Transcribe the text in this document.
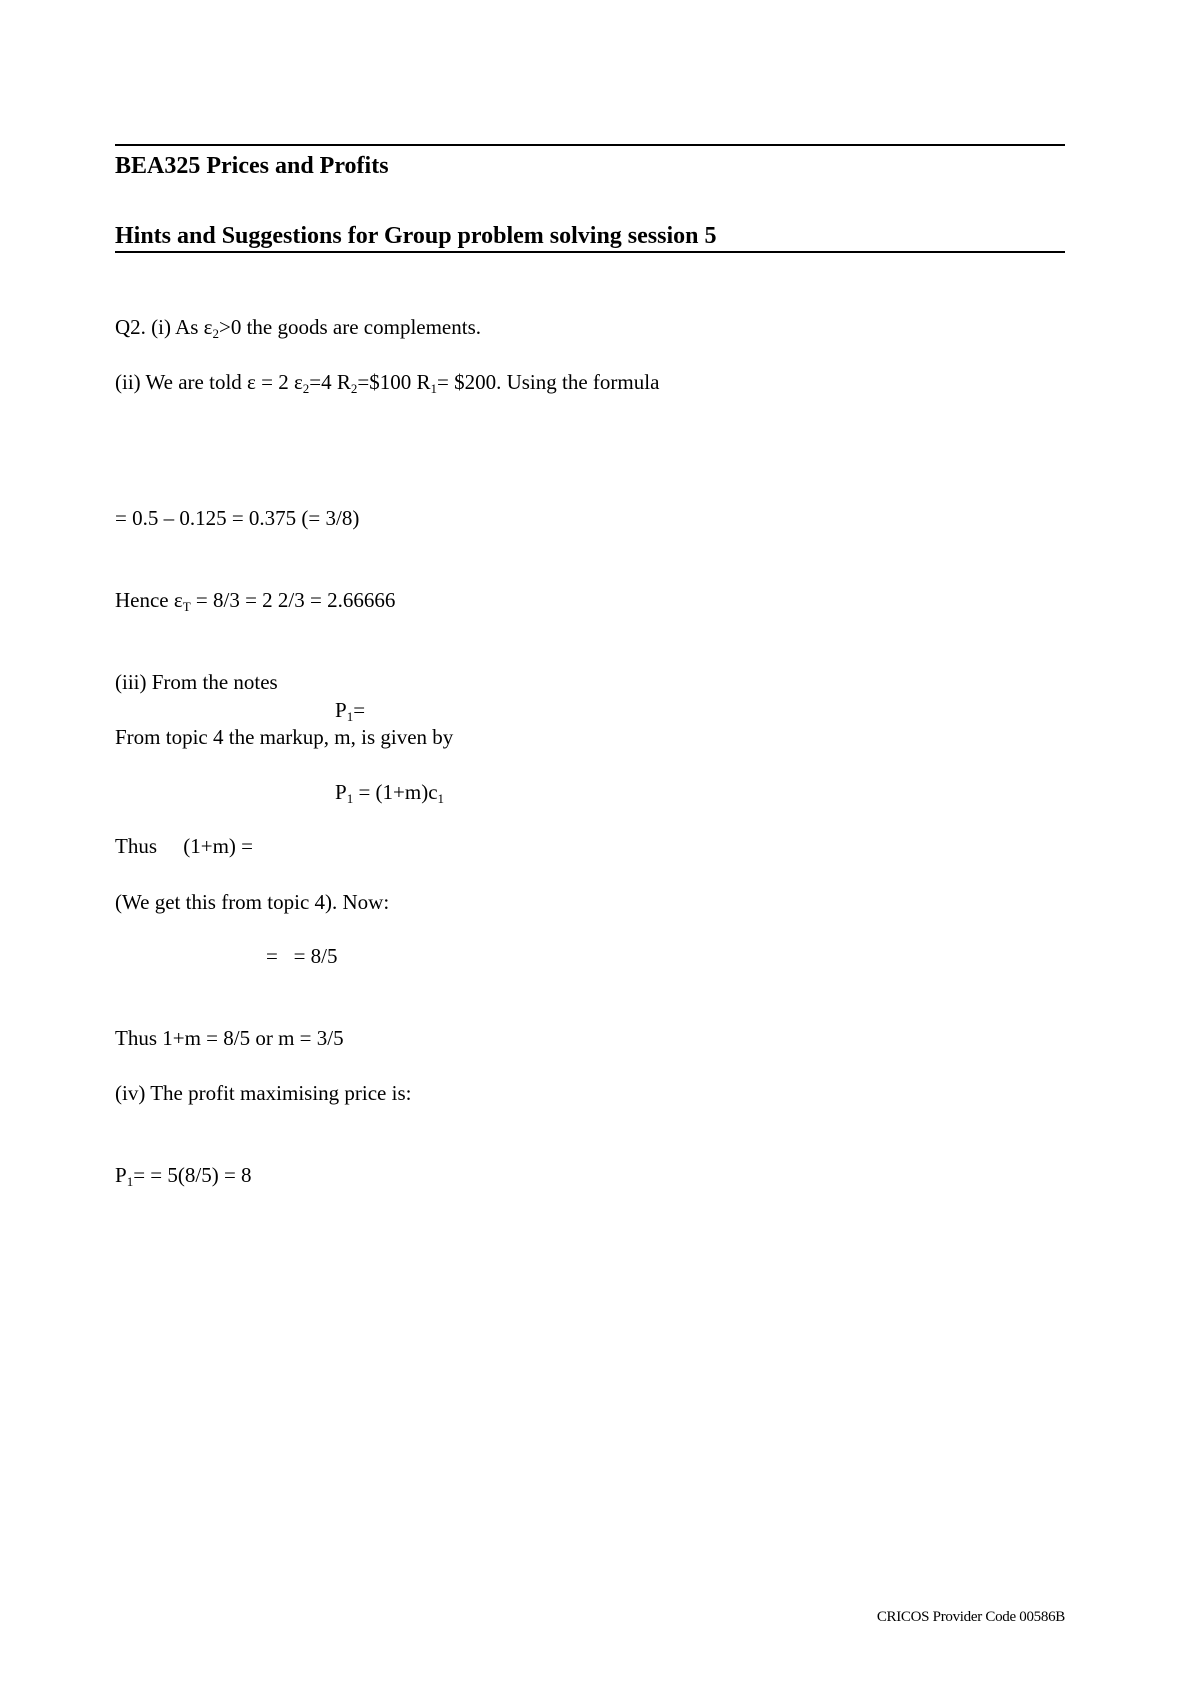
BEA325 Prices and Profits
Hints and Suggestions for Group problem solving session 5
Q2. (i) As $\varepsilon_2>0$ the goods are complements.
(ii) We are told ε = 2 $\varepsilon_2=4$ $R_2=\$100$ $R_1=$ $200. Using the formula
= 0.5 – 0.125 = 0.375 (= 3/8)
Hence $\varepsilon_T = 8/3 = 2$ 2/3 = 2.66666
(iii) From the notes
$P_1=$
From topic 4 the markup, m, is given by
$P_1 = (1+m)c_1$
Thus     (1+m) =
(We get this from topic 4). Now:
=   = 8/5
Thus 1+m = 8/5 or m = 3/5
(iv) The profit maximising price is:
$P_1= = 5(8/5) = 8$
CRICOS Provider Code 00586B
